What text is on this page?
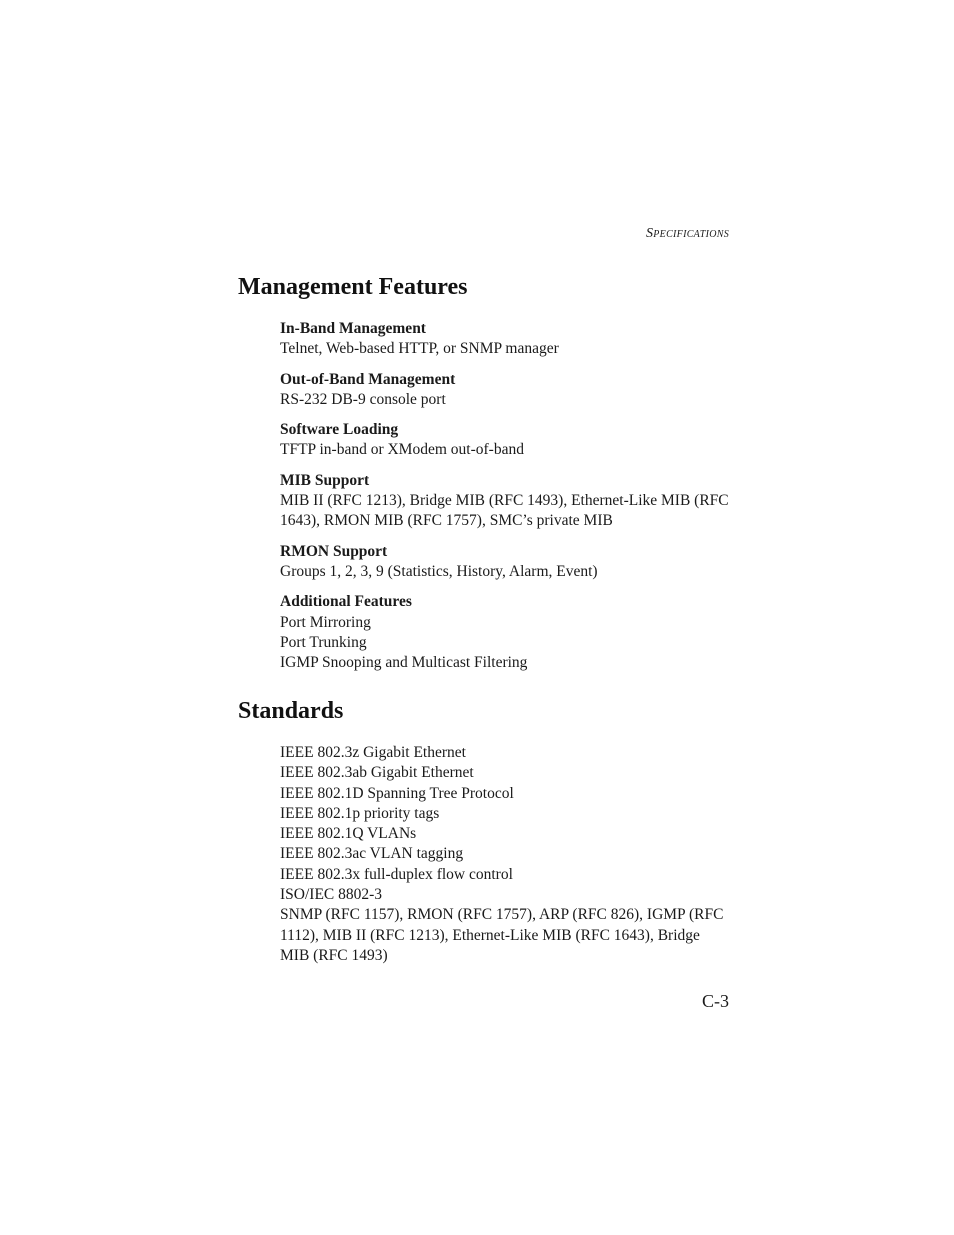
Specifications
Management Features
In-Band Management
Telnet, Web-based HTTP, or SNMP manager
Out-of-Band Management
RS-232 DB-9 console port
Software Loading
TFTP in-band or XModem out-of-band
MIB Support
MIB II (RFC 1213), Bridge MIB (RFC 1493), Ethernet-Like MIB (RFC
1643), RMON MIB (RFC 1757), SMC’s private MIB
RMON Support
Groups 1, 2, 3, 9 (Statistics, History, Alarm, Event)
Additional Features
Port Mirroring
Port Trunking
IGMP Snooping and Multicast Filtering
Standards
IEEE 802.3z Gigabit Ethernet
IEEE 802.3ab Gigabit Ethernet
IEEE 802.1D Spanning Tree Protocol
IEEE 802.1p priority tags
IEEE 802.1Q VLANs
IEEE 802.3ac VLAN tagging
IEEE 802.3x full-duplex flow control
ISO/IEC 8802-3
SNMP (RFC 1157), RMON (RFC 1757), ARP (RFC 826), IGMP (RFC
1112), MIB II (RFC 1213), Ethernet-Like MIB (RFC 1643), Bridge
MIB (RFC 1493)
C-3
